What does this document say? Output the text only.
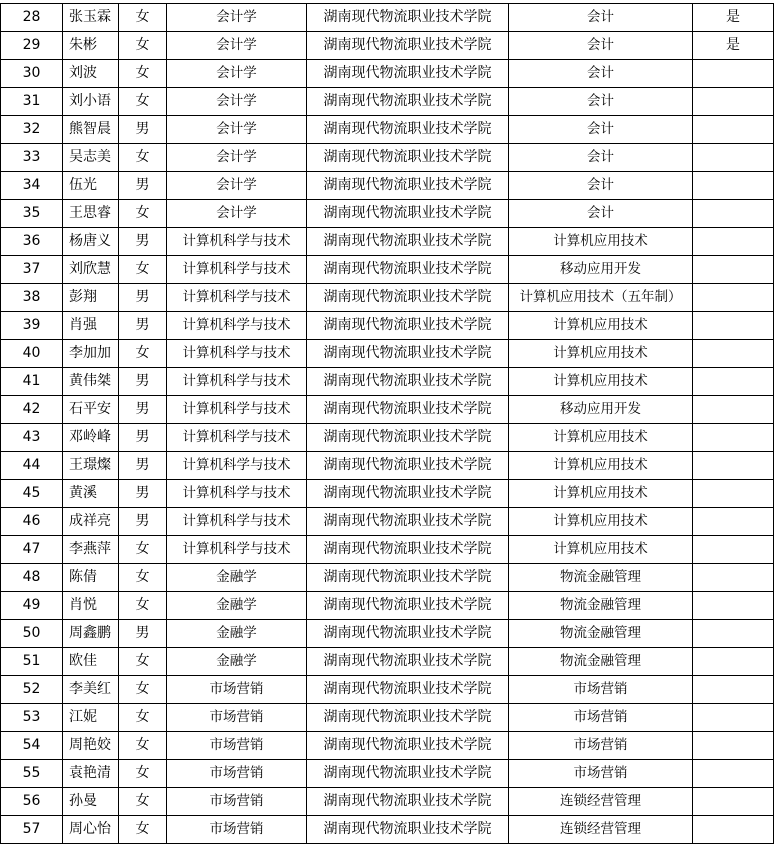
28	张玉霖	女	会计学	湖南现代物流职业技术学院	会计	是
29	朱彬	女	会计学	湖南现代物流职业技术学院	会计	是
30	刘波	女	会计学	湖南现代物流职业技术学院	会计	
31	刘小语	女	会计学	湖南现代物流职业技术学院	会计	
32	熊智晨	男	会计学	湖南现代物流职业技术学院	会计	
33	吴志美	女	会计学	湖南现代物流职业技术学院	会计	
34	伍光	男	会计学	湖南现代物流职业技术学院	会计	
35	王思睿	女	会计学	湖南现代物流职业技术学院	会计	
36	杨唐义	男	计算机科学与技术	湖南现代物流职业技术学院	计算机应用技术	
37	刘欣慧	女	计算机科学与技术	湖南现代物流职业技术学院	移动应用开发	
38	彭翔	男	计算机科学与技术	湖南现代物流职业技术学院	计算机应用技术（五年制）	
39	肖强	男	计算机科学与技术	湖南现代物流职业技术学院	计算机应用技术	
40	李加加	女	计算机科学与技术	湖南现代物流职业技术学院	计算机应用技术	
41	黄伟桀	男	计算机科学与技术	湖南现代物流职业技术学院	计算机应用技术	
42	石平安	男	计算机科学与技术	湖南现代物流职业技术学院	移动应用开发	
43	邓岭峰	男	计算机科学与技术	湖南现代物流职业技术学院	计算机应用技术	
44	王璟燦	男	计算机科学与技术	湖南现代物流职业技术学院	计算机应用技术	
45	黄溪	男	计算机科学与技术	湖南现代物流职业技术学院	计算机应用技术	
46	成祥亮	男	计算机科学与技术	湖南现代物流职业技术学院	计算机应用技术	
47	李燕萍	女	计算机科学与技术	湖南现代物流职业技术学院	计算机应用技术	
48	陈倩	女	金融学	湖南现代物流职业技术学院	物流金融管理	
49	肖悦	女	金融学	湖南现代物流职业技术学院	物流金融管理	
50	周鑫鹏	男	金融学	湖南现代物流职业技术学院	物流金融管理	
51	欧佳	女	金融学	湖南现代物流职业技术学院	物流金融管理	
52	李美红	女	市场营销	湖南现代物流职业技术学院	市场营销	
53	江妮	女	市场营销	湖南现代物流职业技术学院	市场营销	
54	周艳姣	女	市场营销	湖南现代物流职业技术学院	市场营销	
55	袁艳清	女	市场营销	湖南现代物流职业技术学院	市场营销	
56	孙曼	女	市场营销	湖南现代物流职业技术学院	连锁经营管理	
57	周心怡	女	市场营销	湖南现代物流职业技术学院	连锁经营管理	
